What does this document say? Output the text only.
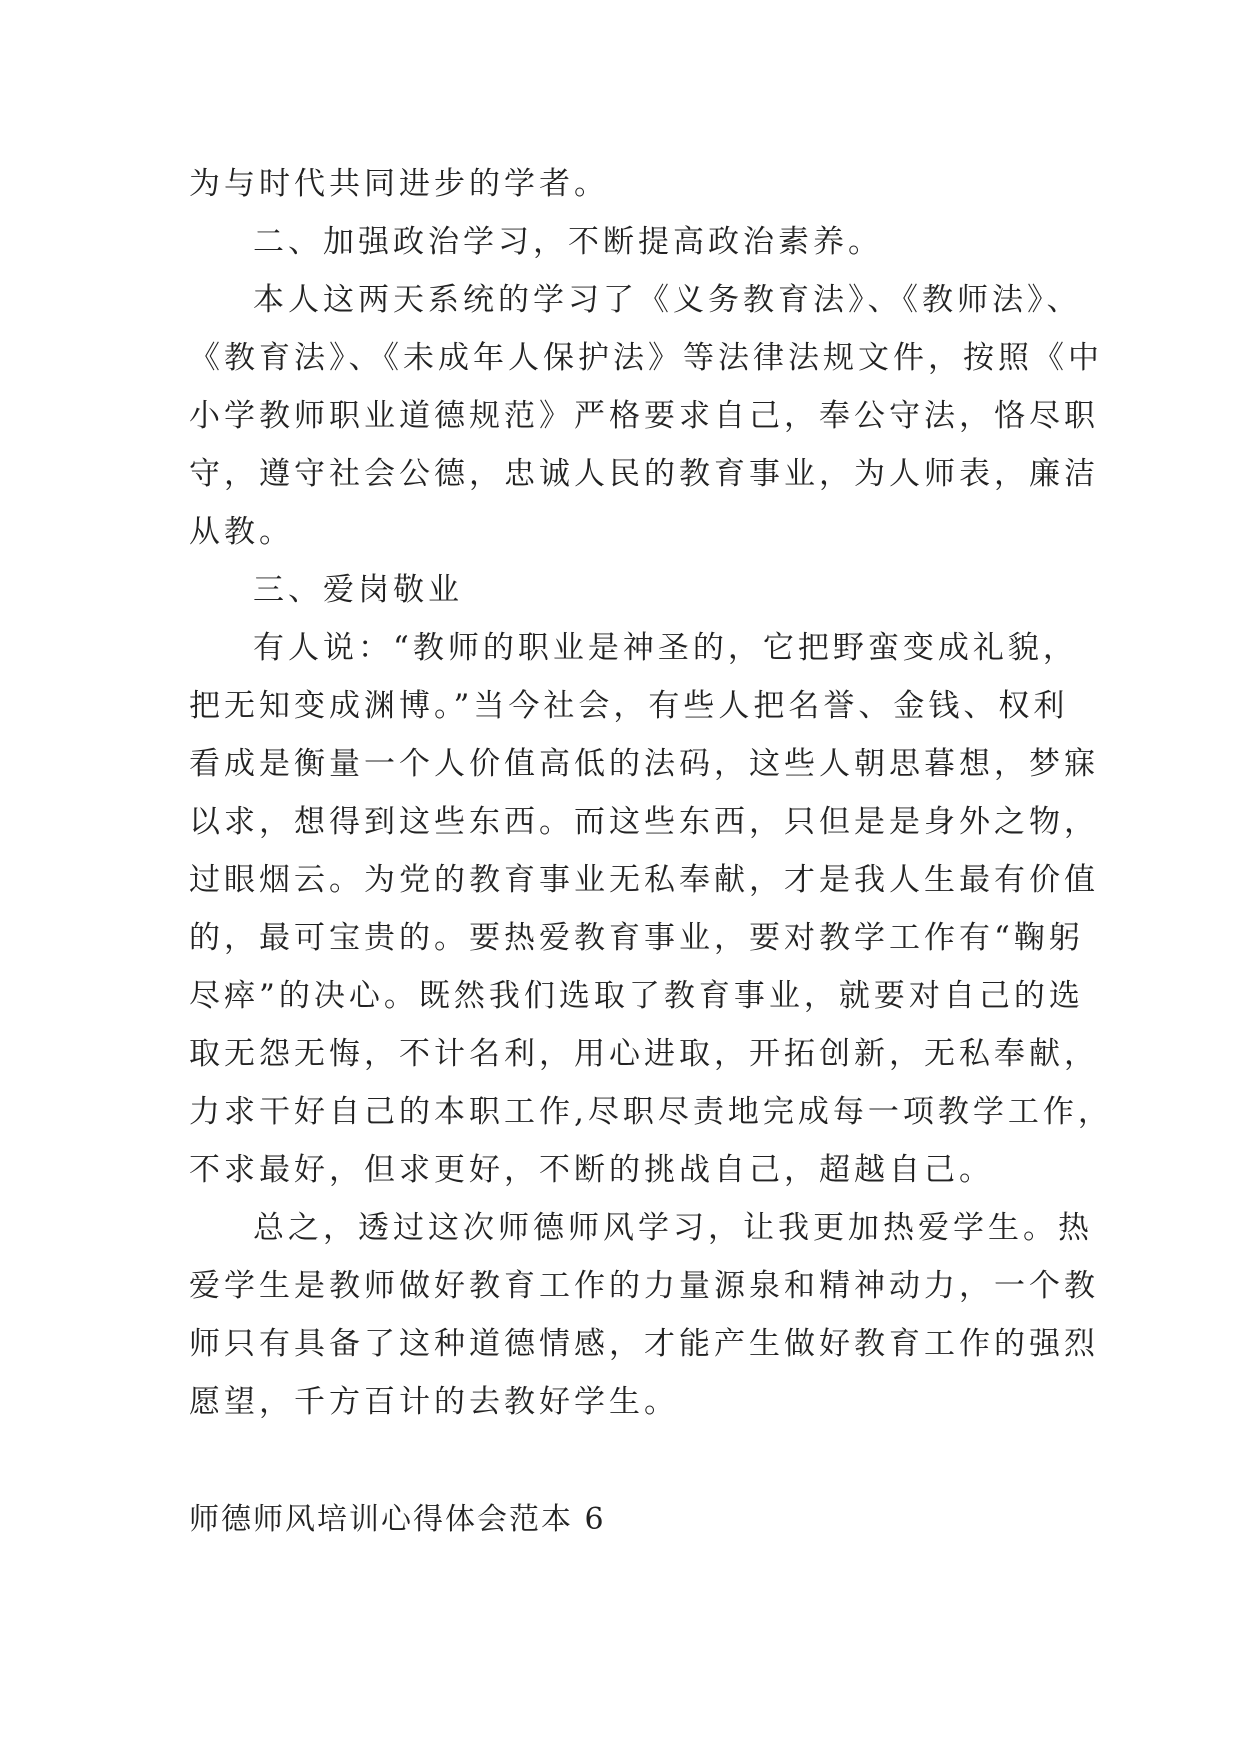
为与时代共同进步的学者。
二、加强政治学习，不断提高政治素养。
本人这两天系统的学习了《义务教育法》、《教师法》、
《教育法》、《未成年人保护法》等法律法规文件，按照《中
小学教师职业道德规范》严格要求自己，奉公守法，恪尽职
守，遵守社会公德，忠诚人民的教育事业，为人师表，廉洁
从教。
三、爱岗敬业
有人说：“教师的职业是神圣的，它把野蛮变成礼貌，
把无知变成渊博。”当今社会，有些人把名誉、金钱、权利
看成是衡量一个人价值高低的法码，这些人朝思暮想，梦寐
以求，想得到这些东西。而这些东西，只但是是身外之物，
过眼烟云。为党的教育事业无私奉献，才是我人生最有价值
的，最可宝贵的。要热爱教育事业，要对教学工作有“鞠躬
尽瘁”的决心。既然我们选取了教育事业，就要对自己的选
取无怨无悔，不计名利，用心进取，开拓创新，无私奉献，
力求干好自己的本职工作,尽职尽责地完成每一项教学工作，
不求最好，但求更好，不断的挑战自己，超越自己。
总之，透过这次师德师风学习，让我更加热爱学生。热
爱学生是教师做好教育工作的力量源泉和精神动力，一个教
师只有具备了这种道德情感，才能产生做好教育工作的强烈
愿望，千方百计的去教好学生。
师德师风培训心得体会范本 6
